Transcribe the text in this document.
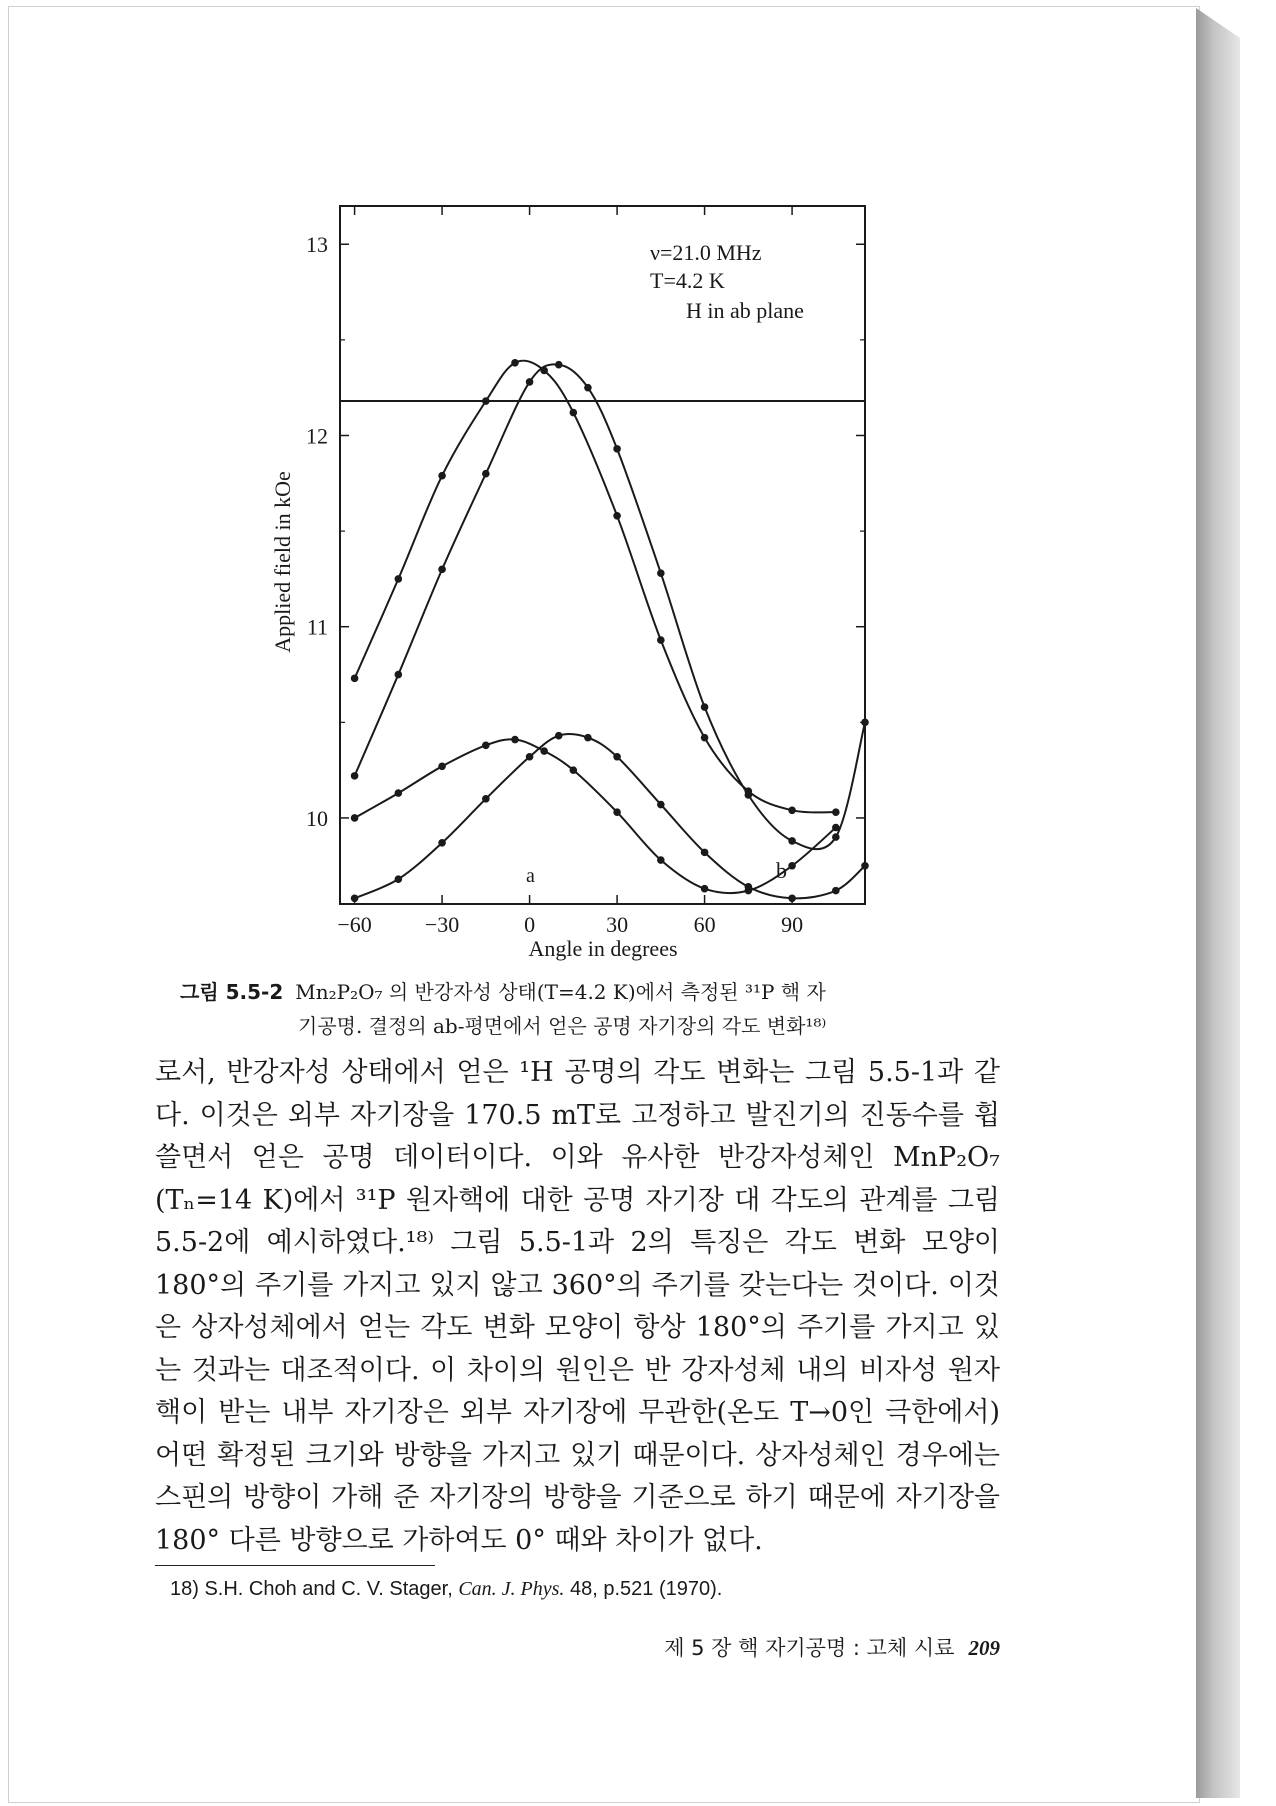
−60 −30	0	30	60	90
10
11
12
13	ν=21.0 MHz
T=4.2 K
H in ab plane
a	b
Angle in degrees
Applied field in kOe
그림 5.5-2 Mn₂P₂O₇ 의 반강자성 상태(T=4.2 K)에서 측정된 ³¹P 핵 자
기공명. 결정의 ab-평면에서 얻은 공명 자기장의 각도 변화¹⁸⁾

로서, 반강자성 상태에서 얻은 ¹H 공명의 각도 변화는 그림 5.5-1과 같다. 이것은 외부 자기장을 170.5 mT로 고정하고 발진기의 진동수를 휩쓸면서 얻은 공명 데이터이다. 이와 유사한 반강자성체인 MnP₂O₇ (Tₙ=14 K)에서 ³¹P 원자핵에 대한 공명 자기장 대 각도의 관계를 그림 5.5-2에 예시하였다.¹⁸⁾ 그림 5.5-1과 2의 특징은 각도 변화 모양이 180°의 주기를 가지고 있지 않고 360°의 주기를 갖는다는 것이다. 이것은 상자성체에서 얻는 각도 변화 모양이 항상 180°의 주기를 가지고 있는 것과는 대조적이다. 이 차이의 원인은 반 강자성체 내의 비자성 원자핵이 받는 내부 자기장은 외부 자기장에 무관한(온도 T→0인 극한에서) 어떤 확정된 크기와 방향을 가지고 있기 때문이다. 상자성체인 경우에는 스핀의 방향이 가해 준 자기장의 방향을 기준으로 하기 때문에 자기장을 180° 다른 방향으로 가하여도 0° 때와 차이가 없다.

18) S.H. Choh and C. V. Stager, Can. J. Phys. 48, p.521 (1970).
제 5 장 핵 자기공명 : 고체 시료 209
